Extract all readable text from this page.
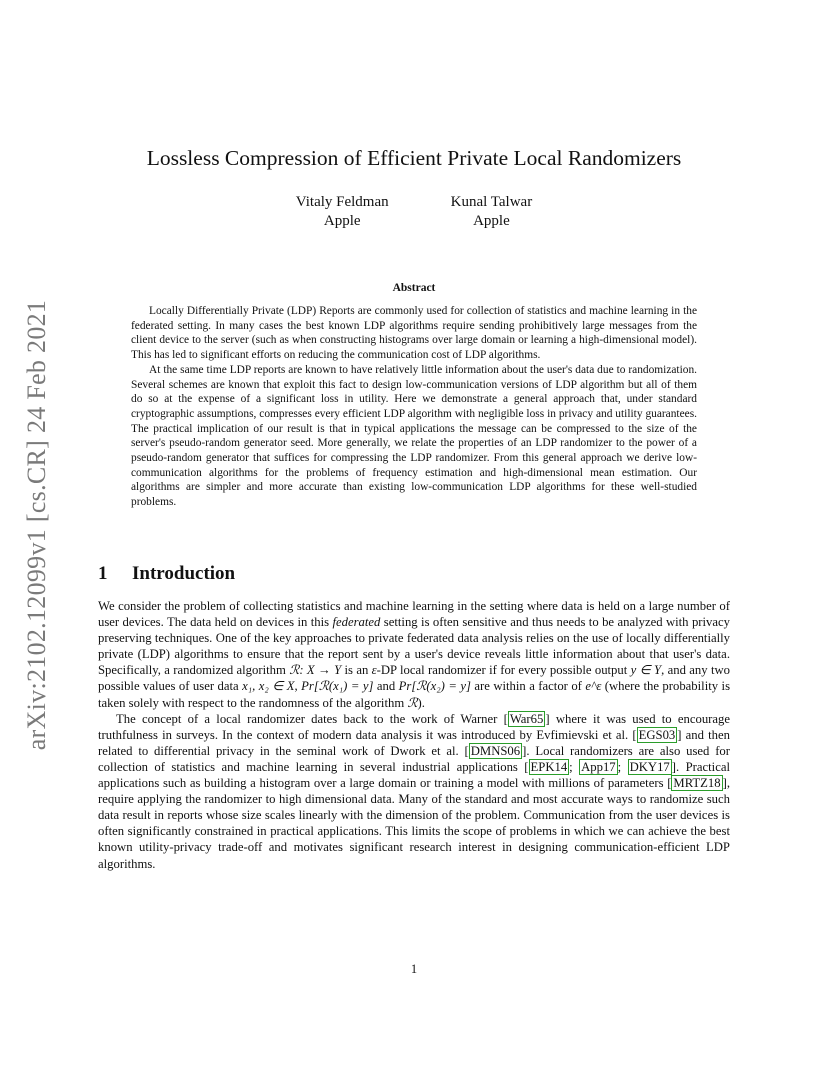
arXiv:2102.12099v1 [cs.CR] 24 Feb 2021
Lossless Compression of Efficient Private Local Randomizers
Vitaly Feldman
Apple
Kunal Talwar
Apple
Abstract

Locally Differentially Private (LDP) Reports are commonly used for collection of statistics and machine learning in the federated setting. In many cases the best known LDP algorithms require sending prohibitively large messages from the client device to the server (such as when constructing histograms over large domain or learning a high-dimensional model). This has led to significant efforts on reducing the communication cost of LDP algorithms.

At the same time LDP reports are known to have relatively little information about the user's data due to randomization. Several schemes are known that exploit this fact to design low-communication versions of LDP algorithm but all of them do so at the expense of a significant loss in utility. Here we demonstrate a general approach that, under standard cryptographic assumptions, compresses every efficient LDP algorithm with negligible loss in privacy and utility guarantees. The practical implication of our result is that in typical applications the message can be compressed to the size of the server's pseudo-random generator seed. More generally, we relate the properties of an LDP randomizer to the power of a pseudo-random generator that suffices for compressing the LDP randomizer. From this general approach we derive low-communication algorithms for the problems of frequency estimation and high-dimensional mean estimation. Our algorithms are simpler and more accurate than existing low-communication LDP algorithms for these well-studied problems.

1 Introduction

We consider the problem of collecting statistics and machine learning in the setting where data is held on a large number of user devices. The data held on devices in this federated setting is often sensitive and thus needs to be analyzed with privacy preserving techniques. One of the key approaches to private federated data analysis relies on the use of locally differentially private (LDP) algorithms to ensure that the report sent by a user's device reveals little information about that user's data. Specifically, a randomized algorithm ℛ: X → Y is an ε-DP local randomizer if for every possible output y ∈ Y, and any two possible values of user data x₁, x₂ ∈ X, Pr[ℛ(x₁) = y] and Pr[ℛ(x₂) = y] are within a factor of e^ε (where the probability is taken solely with respect to the randomness of the algorithm ℛ).

The concept of a local randomizer dates back to the work of Warner [ War65 ] where it was used to encourage truthfulness in surveys. In the context of modern data analysis it was introduced by Evfimievski et al. [ EGS03 ] and then related to differential privacy in the seminal work of Dwork et al. [ DMNS06 ]. Local randomizers are also used for collection of statistics and machine learning in several industrial applications [ EPK14 ; App17 ; DKY17 ]. Practical applications such as building a histogram over a large domain or training a model with millions of parameters [ MRTZ18 ], require applying the randomizer to high dimensional data. Many of the standard and most accurate ways to randomize such data result in reports whose size scales linearly with the dimension of the problem. Communication from the user devices is often significantly constrained in practical applications. This limits the scope of problems in which we can achieve the best known utility-privacy trade-off and motivates significant research interest in designing communication-efficient LDP algorithms.

1
